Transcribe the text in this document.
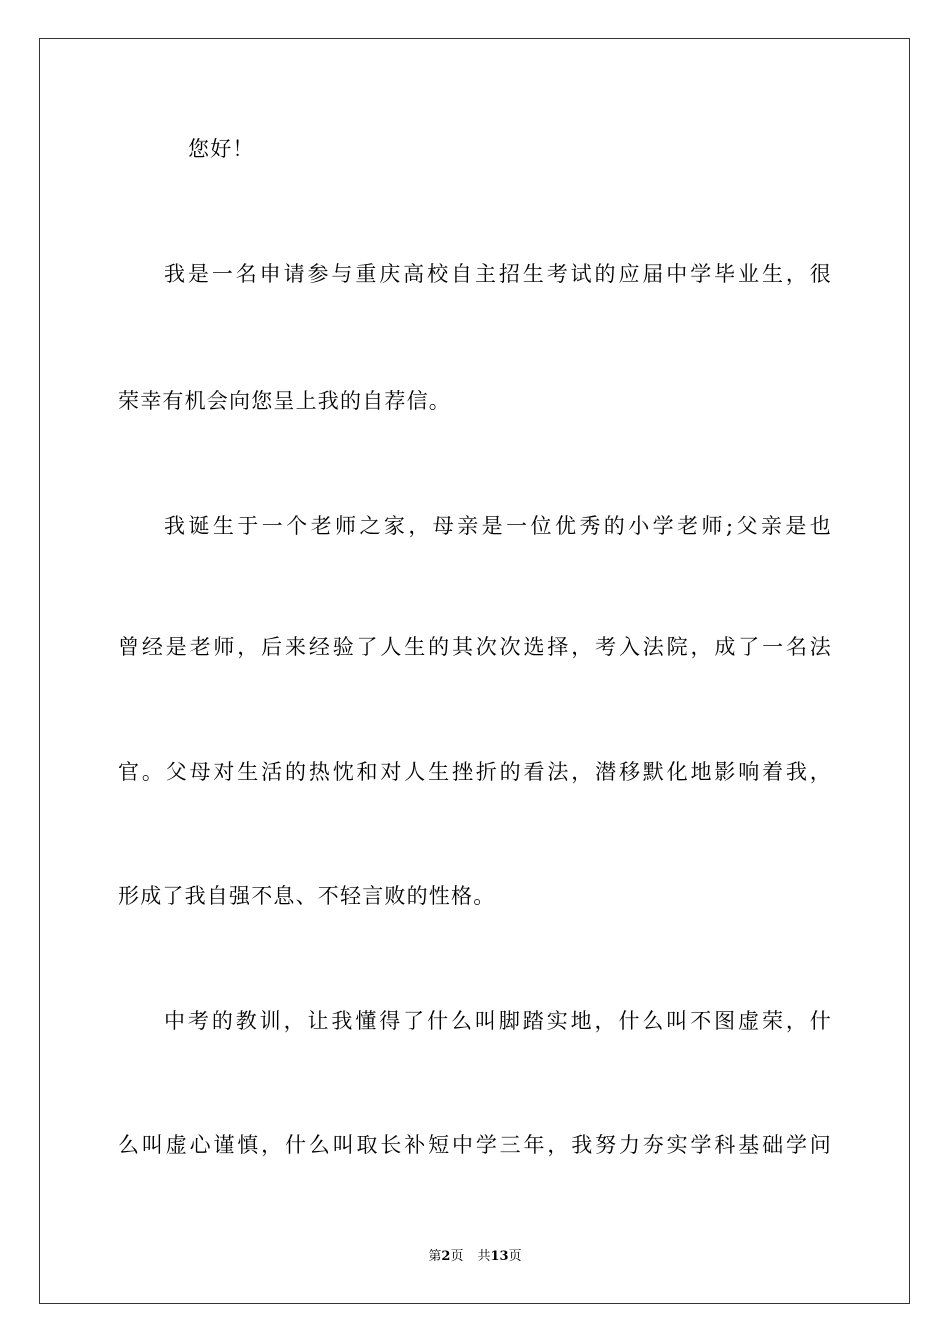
您好！
我是一名申请参与重庆高校自主招生考试的应届中学毕业生，很
荣幸有机会向您呈上我的自荐信。
我诞生于一个老师之家，母亲是一位优秀的小学老师;父亲是也
曾经是老师，后来经验了人生的其次次选择，考入法院，成了一名法
官。父母对生活的热忱和对人生挫折的看法，潜移默化地影响着我，
形成了我自强不息、不轻言败的性格。
中考的教训，让我懂得了什么叫脚踏实地，什么叫不图虚荣，什
么叫虚心谨慎，什么叫取长补短中学三年，我努力夯实学科基础学问
第2页 共13页
